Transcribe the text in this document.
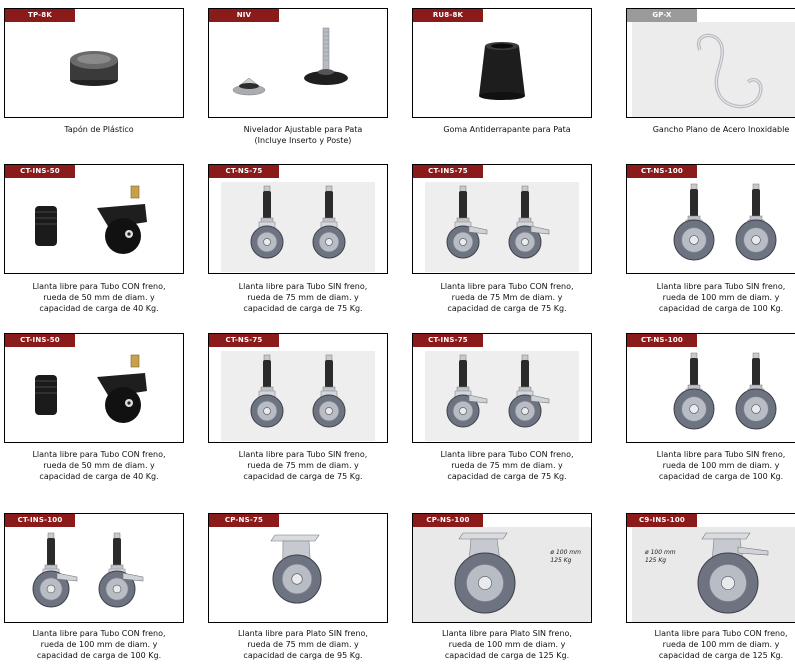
TP-8K
Tapón de Plástico
NIV
Nivelador Ajustable para Pata
(Incluye Inserto y Poste)
RU8-8K
Goma Antiderrapante para Pata
GP-X
Gancho Plano de Acero Inoxidable
CT-INS-50
Llanta libre para Tubo CON freno,
rueda de 50 mm de diam. y
capacidad de carga de 40 Kg.
CT-NS-75
Llanta libre para Tubo SIN freno,
rueda de 75 mm de diam. y
capacidad de carga de 75 Kg.
CT-INS-75
Llanta libre para Tubo CON freno,
rueda de 75 Mm de diam. y
capacidad de carga de 75 Kg.
CT-NS-100
Llanta libre para Tubo SIN freno,
rueda de 100 mm de diam. y
capacidad de carga de 100 Kg.
CT-INS-50
Llanta libre para Tubo CON freno,
rueda de 50 mm de diam. y
capacidad de carga de 40 Kg.
CT-NS-75
Llanta libre para Tubo SIN freno,
rueda de 75 mm de diam. y
capacidad de carga de 75 Kg.
CT-INS-75
Llanta libre para Tubo CON freno,
rueda de 75 mm de diam. y
capacidad de carga de 75 Kg.
CT-NS-100
Llanta libre para Tubo SIN freno,
rueda de 100 mm de diam. y
capacidad de carga de 100 Kg.
CT-INS-100
Llanta libre para Tubo CON freno,
rueda de 100 mm de diam. y
capacidad de carga de 100 Kg.
CP-NS-75
Llanta libre para Plato SIN freno,
rueda de 75 mm de diam. y
capacidad de carga de 95 Kg.
CP-NS-100
ø 100 mm
125 Kg
Llanta libre para Plato SIN freno,
rueda de 100 mm de diam. y
capacidad de carga de 125 Kg.
C9-INS-100
ø 100 mm
125 Kg
Llanta libre para Tubo CON freno,
rueda de 100 mm de diam. y
capacidad de carga de 125 Kg.
